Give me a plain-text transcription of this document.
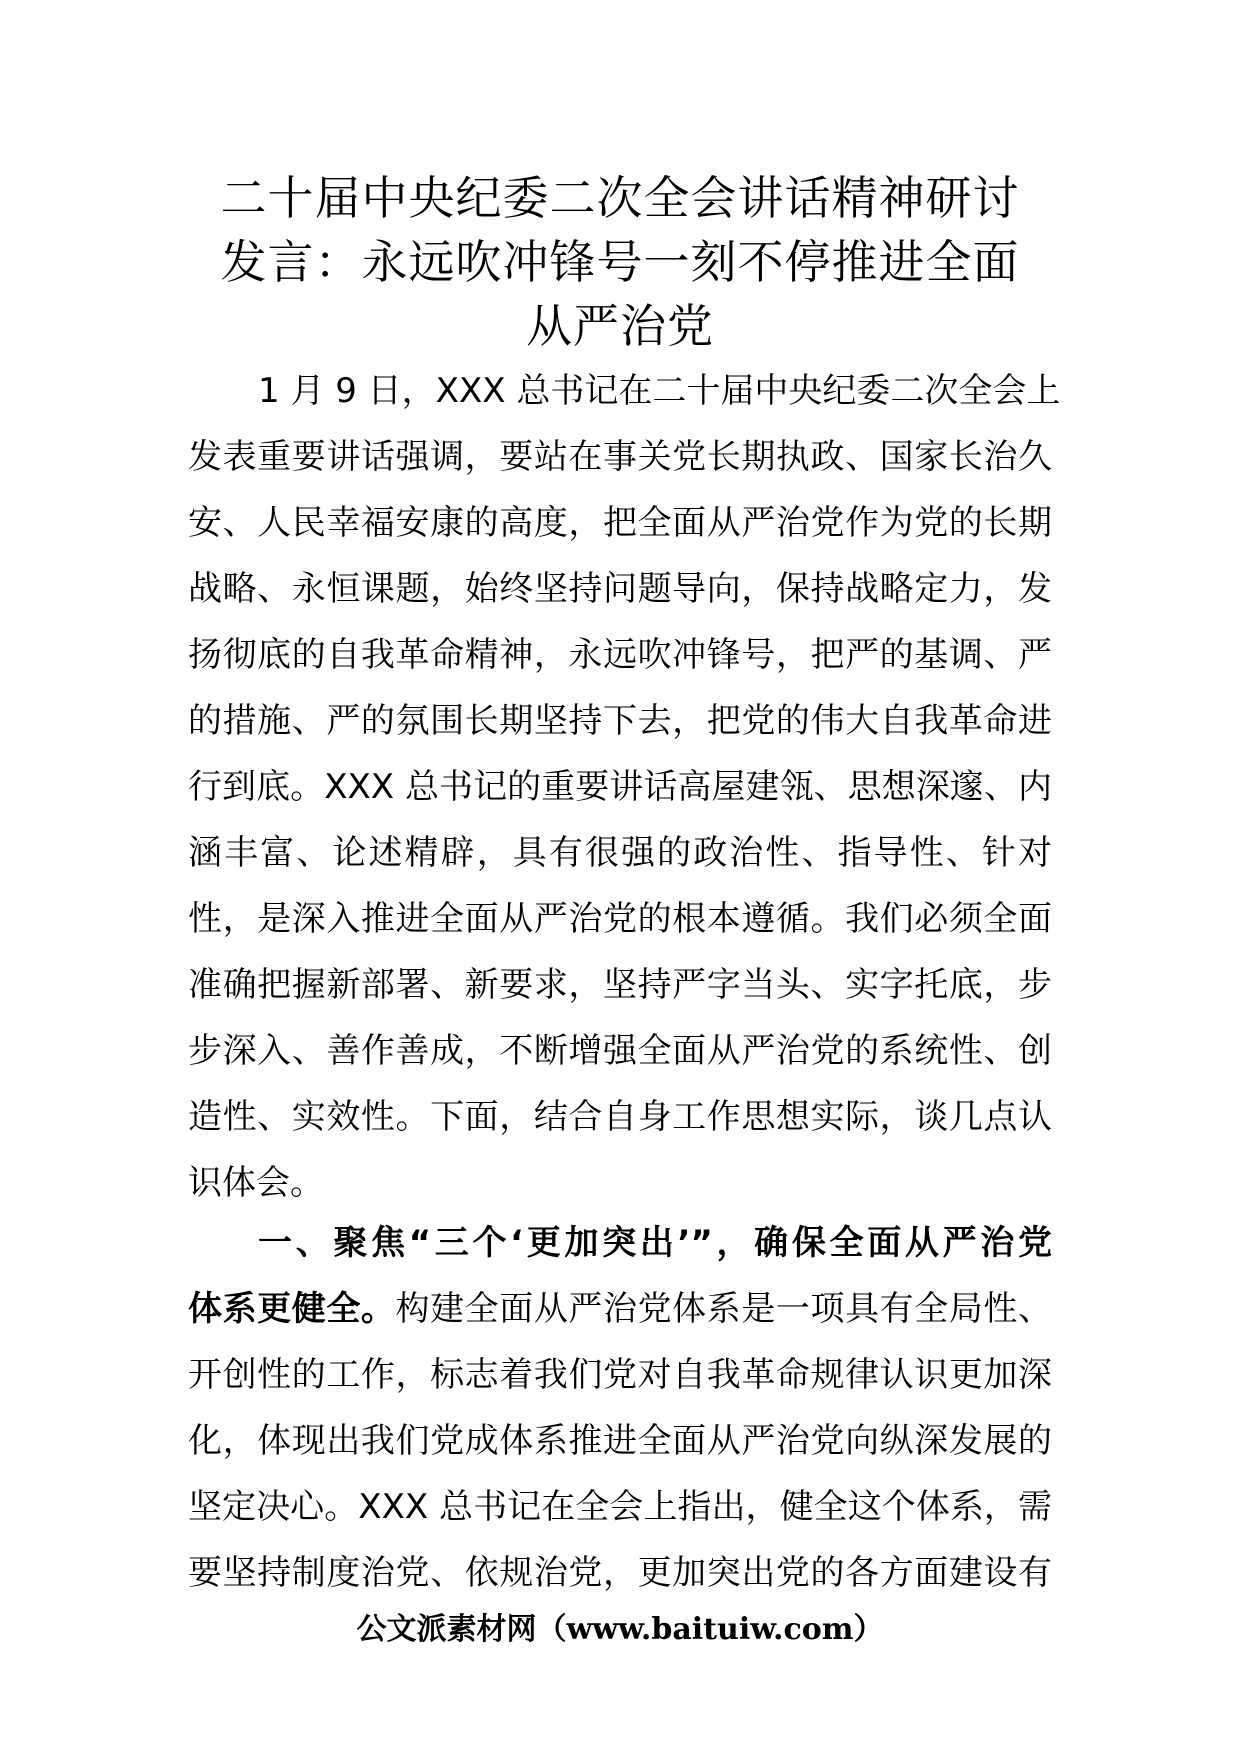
二十届中央纪委二次全会讲话精神研讨
发言：永远吹冲锋号一刻不停推进全面
从严治党
1 月 9 日，XXX 总书记在二十届中央纪委二次全会上
发表重要讲话强调，要站在事关党长期执政、国家长治久
安、人民幸福安康的高度，把全面从严治党作为党的长期
战略、永恒课题，始终坚持问题导向，保持战略定力，发
扬彻底的自我革命精神，永远吹冲锋号，把严的基调、严
的措施、严的氛围长期坚持下去，把党的伟大自我革命进
行到底。XXX 总书记的重要讲话高屋建瓴、思想深邃、内
涵丰富、论述精辟，具有很强的政治性、指导性、针对
性，是深入推进全面从严治党的根本遵循。我们必须全面
准确把握新部署、新要求，坚持严字当头、实字托底，步
步深入、善作善成，不断增强全面从严治党的系统性、创
造性、实效性。下面，结合自身工作思想实际，谈几点认
识体会。
一、聚焦“三个‘更加突出’”，确保全面从严治党
体系更健全。构建全面从严治党体系是一项具有全局性、
开创性的工作，标志着我们党对自我革命规律认识更加深
化，体现出我们党成体系推进全面从严治党向纵深发展的
坚定决心。XXX 总书记在全会上指出，健全这个体系，需
要坚持制度治党、依规治党，更加突出党的各方面建设有
公文派素材网（www.baituiw.com）
